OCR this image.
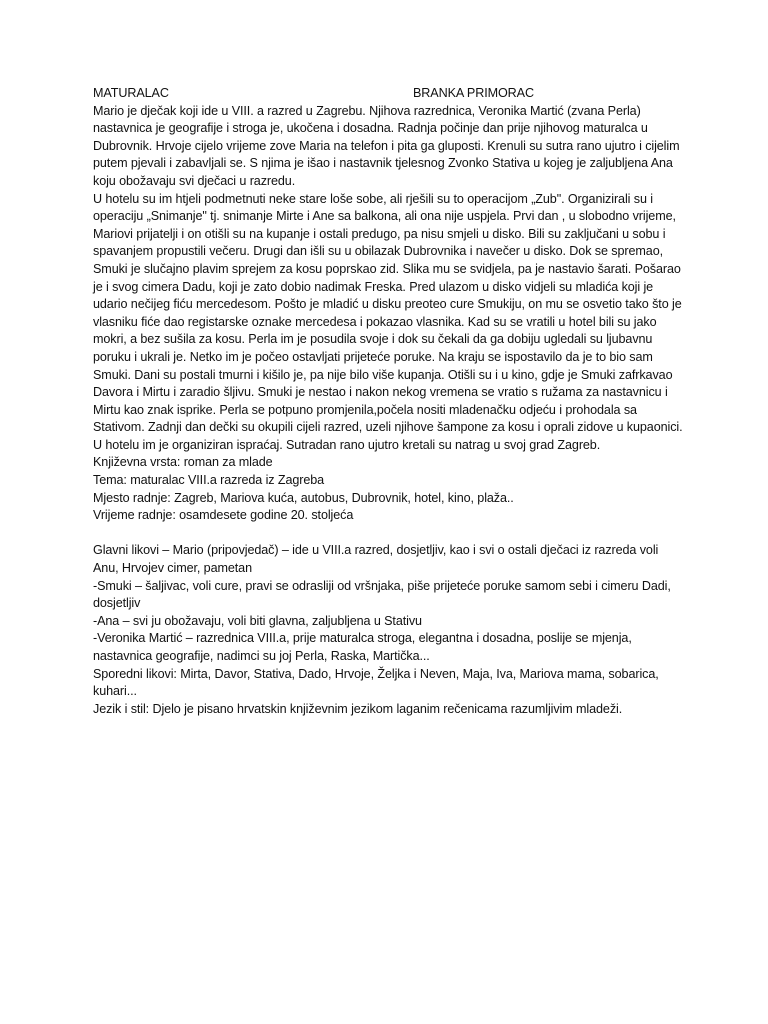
MATURALAC	BRANKA PRIMORAC

Mario je dječak koji ide u VIII. a razred u Zagrebu. Njihova razrednica, Veronika Martić (zvana Perla) nastavnica je geografije i stroga je, ukočena i dosadna. Radnja počinje dan prije njihovog maturalca u Dubrovnik. Hrvoje cijelo vrijeme zove Maria na telefon i pita ga gluposti. Krenuli su sutra rano ujutro i cijelim putem pjevali i zabavljali se. S njima je išao i nastavnik tjelesnog Zvonko Stativa u kojeg je zaljubljena Ana koju obožavaju svi dječaci u razredu.

U hotelu su im htjeli podmetnuti neke stare loše sobe, ali rješili su to operacijom „Zub". Organizirali su i operaciju „Snimanje" tj. snimanje Mirte i Ane sa balkona, ali ona nije uspjela. Prvi dan , u slobodno vrijeme, Mariovi prijatelji i on otišli su na kupanje i ostali predugo, pa nisu smjeli u disko. Bili su zaključani u sobu i spavanjem propustili večeru. Drugi dan išli su u obilazak Dubrovnika i navečer u disko. Dok se spremao, Smuki je slučajno plavim sprejem za kosu poprskao zid. Slika mu se svidjela, pa je nastavio šarati. Pošarao je i svog cimera Dadu, koji je zato dobio nadimak Freska. Pred ulazom u disko vidjeli su mladića koji je udario nečijeg fiću mercedesom. Pošto je mladić u disku preoteo cure Smukiju, on mu se osvetio tako što je vlasniku fiće dao registarske oznake mercedesa i pokazao vlasnika. Kad su se vratili u hotel bili su jako mokri, a bez sušila za kosu. Perla im je posudila svoje i dok su čekali da ga dobiju ugledali su ljubavnu poruku i ukrali je. Netko im je počeo ostavljati prijeteće poruke. Na kraju se ispostavilo da je to bio sam Smuki. Dani su postali tmurni i kišilo je, pa nije bilo više kupanja. Otišli su i u kino, gdje je Smuki zafrkavao Davora i Mirtu i zaradio šljivu. Smuki je nestao i nakon nekog vremena se vratio s ružama za nastavnicu i Mirtu kao znak isprike. Perla se potpuno promjenila,počela nositi mladenačku odjeću i prohodala sa Stativom. Zadnji dan dečki su okupili cijeli razred, uzeli njihove šampone za kosu i oprali zidove u kupaonici. U hotelu im je organiziran ispraćaj. Sutradan rano ujutro kretali su natrag u svoj grad Zagreb.

Književna vrsta: roman za mlade

Tema: maturalac VIII.a razreda iz Zagreba

Mjesto radnje: Zagreb, Mariova kuća, autobus, Dubrovnik, hotel, kino, plaža..

Vrijeme radnje: osamdesete godine 20. stoljeća

Glavni likovi – Mario (pripovjedač) – ide u VIII.a razred, dosjetljiv, kao i svi o ostali dječaci iz razreda voli Anu, Hrvojev cimer, pametan

-Smuki – šaljivac, voli cure, pravi se odrasliji od vršnjaka, piše prijeteće poruke samom sebi i cimeru Dadi, dosjetljiv

-Ana – svi ju obožavaju, voli biti glavna, zaljubljena u Stativu

-Veronika Martić – razrednica VIII.a, prije maturalca stroga, elegantna i dosadna, poslije se mjenja, nastavnica geografije, nadimci su joj Perla, Raska, Martička...

Sporedni likovi: Mirta, Davor, Stativa, Dado, Hrvoje, Željka i Neven, Maja, Iva, Mariova mama, sobarica, kuhari...

Jezik i stil: Djelo je pisano hrvatskin književnim jezikom laganim rečenicama razumljivim mladeži.
